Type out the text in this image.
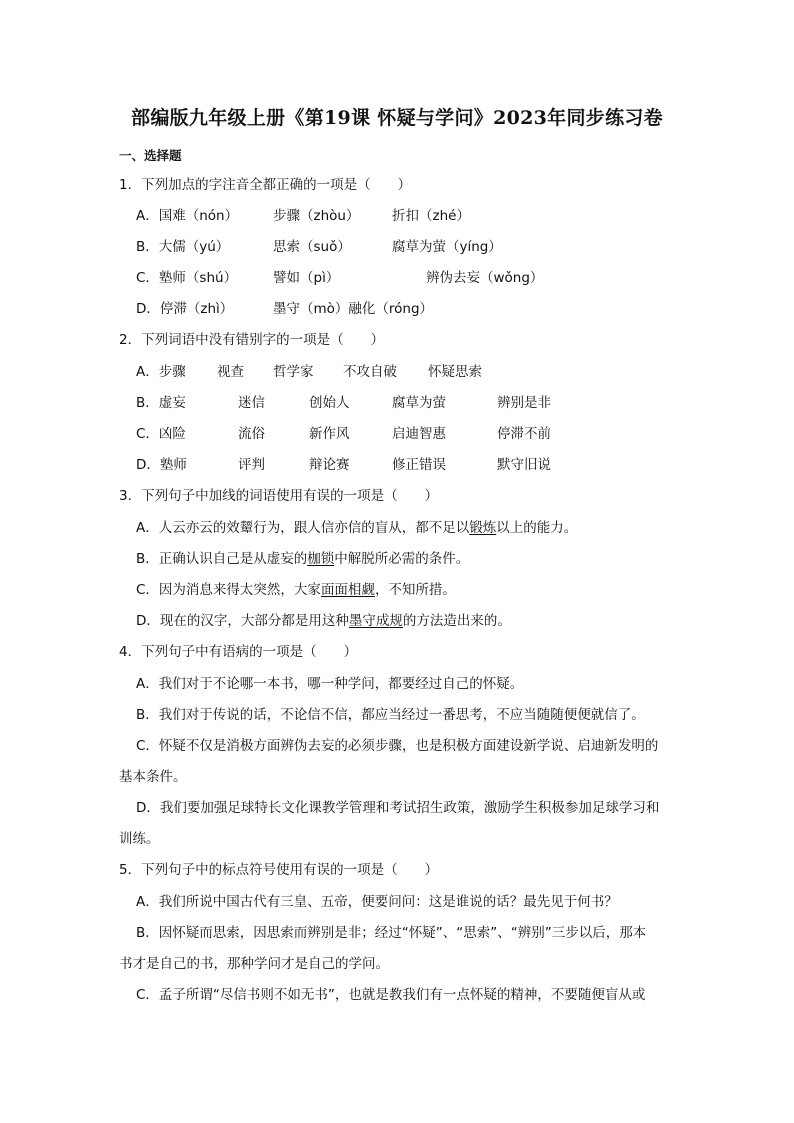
部编版九年级上册《第19课 怀疑与学问》2023年同步练习卷
一、选择题
1．下列加点的字注音全都正确的一项是（　　）
A．国难（nón）	步骤（zhòu） 折扣（zhé）
B．大儒（yú）	思索（suǒ）	腐草为萤（yíng）
C．塾师（shú）	譬如（pì）	辨伪去妄（wǒng）
D．停滞（zhì）	墨守（mò）融化（róng）
2．下列词语中没有错别字的一项是（　　）
A．步骤 视查 哲学家 不攻自破 怀疑思索
B．虚妄	迷信	创始人	腐草为萤	辨别是非
C．凶险	流俗	新作风	启迪智惠	停滞不前
D．塾师	评判	辩论赛	修正错误	默守旧说
3．下列句子中加线的词语使用有误的一项是（　　）
A．人云亦云的效颦行为，跟人信亦信的盲从，都不足以锻炼以上的能力。
B．正确认识自己是从虚妄的枷锁中解脱所必需的条件。
C．因为消息来得太突然，大家面面相觑，不知所措。
D．现在的汉字，大部分都是用这种墨守成规的方法造出来的。
4．下列句子中有语病的一项是（　　）
A．我们对于不论哪一本书，哪一种学问，都要经过自己的怀疑。
B．我们对于传说的话，不论信不信，都应当经过一番思考，不应当随随便便就信了。
C．怀疑不仅是消极方面辨伪去妄的必须步骤，也是积极方面建设新学说、启迪新发明的
基本条件。
D．我们要加强足球特长文化课教学管理和考试招生政策，激励学生积极参加足球学习和
训练。
5．下列句子中的标点符号使用有误的一项是（　　）
A．我们所说中国古代有三皇、五帝，便要问问：这是谁说的话？最先见于何书？
B．因怀疑而思索，因思索而辨别是非；经过“怀疑”、“思索”、“辨别”三步以后，那本
书才是自己的书，那种学问才是自己的学问。
C．孟子所谓“尽信书则不如无书”，也就是教我们有一点怀疑的精神，不要随便盲从或
